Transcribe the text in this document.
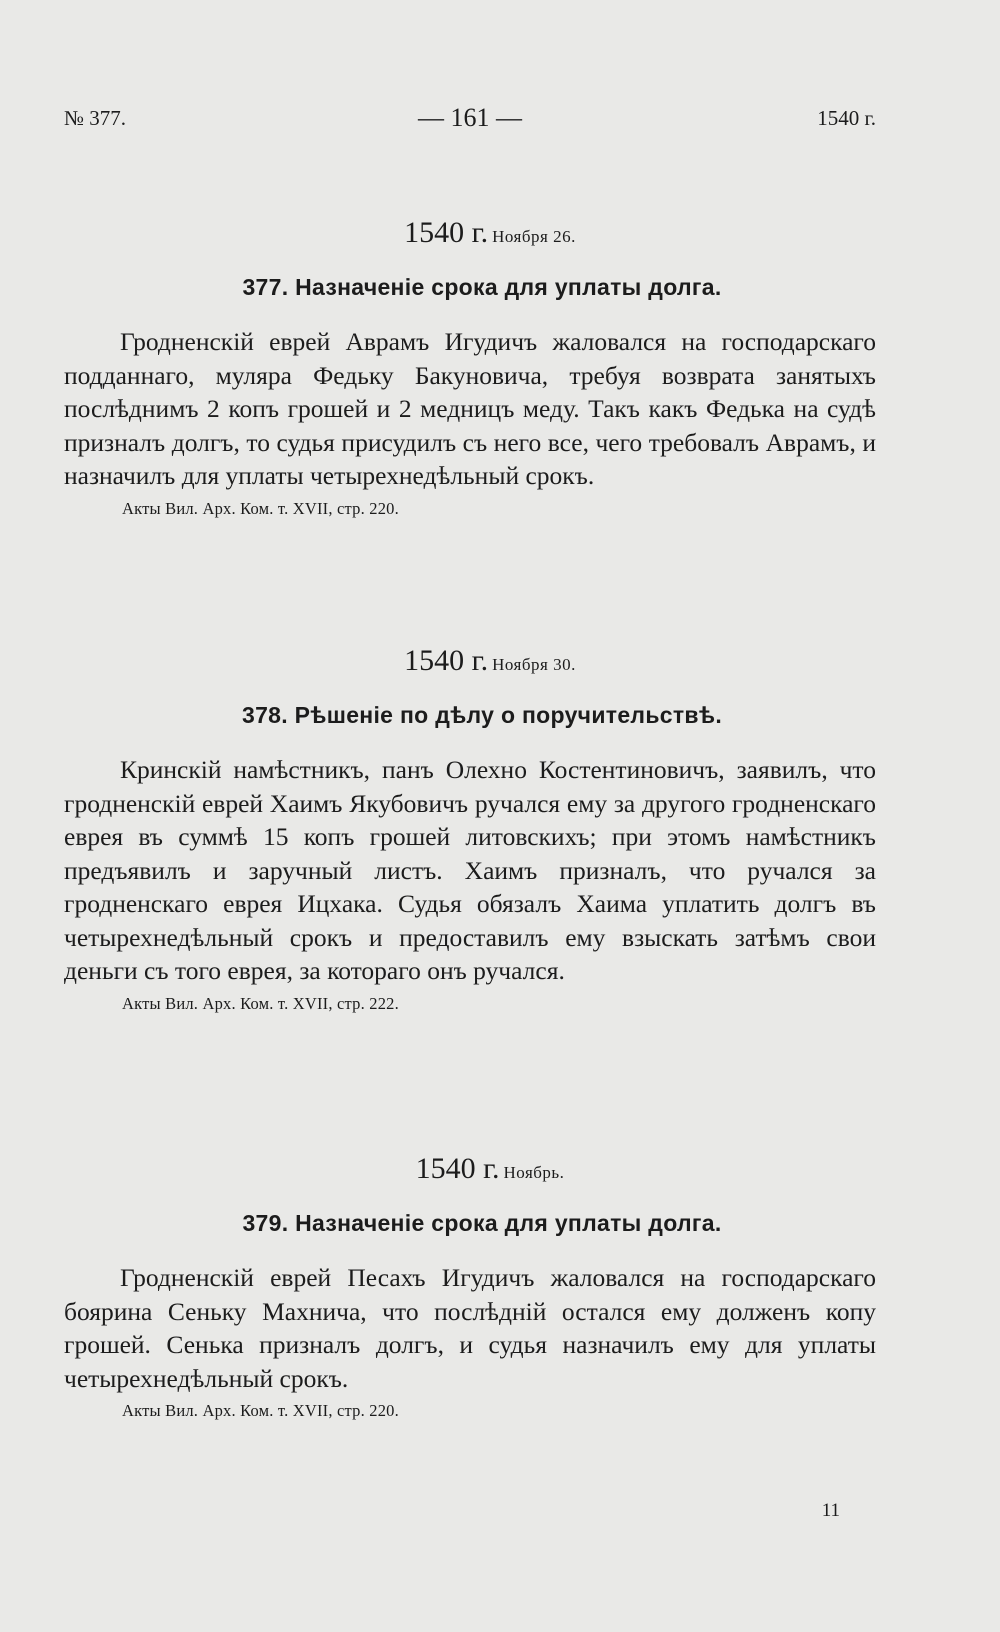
№ 377.	— 161 —	1540 г.
1540 г. Ноября 26.
377. Назначеніе срока для уплаты долга.
Гродненскій еврей Аврамъ Игудичъ жаловался на господарскаго подданнаго, муляра Федьку Бакуновича, требуя возврата занятыхъ послѣднимъ 2 копъ грошей и 2 медницъ меду. Такъ какъ Федька на судѣ призналъ долгъ, то судья присудилъ съ него все, чего требовалъ Аврамъ, и назначилъ для уплаты четырехнедѣльный срокъ.
Акты Вил. Арх. Ком. т. XVII, стр. 220.
1540 г. Ноября 30.
378. Рѣшеніе по дѣлу о поручительствѣ.
Кринскій намѣстникъ, панъ Олехно Костентиновичъ, заявилъ, что гродненскій еврей Хаимъ Якубовичъ ручался ему за другого гродненскаго еврея въ суммѣ 15 копъ грошей литовскихъ; при этомъ намѣстникъ предъявилъ и заручный листъ. Хаимъ призналъ, что ручался за гродненскаго еврея Ицхака. Судья обязалъ Хаима уплатить долгъ въ четырехнедѣльный срокъ и предоставилъ ему взыскать затѣмъ свои деньги съ того еврея, за котораго онъ ручался.
Акты Вил. Арх. Ком. т. XVII, стр. 222.
1540 г. Ноябрь.
379. Назначеніе срока для уплаты долга.
Гродненскій еврей Песахъ Игудичъ жаловался на господарскаго боярина Сеньку Махнича, что послѣдній остался ему долженъ копу грошей. Сенька призналъ долгъ, и судья назначилъ ему для уплаты четырехнедѣльный срокъ.
Акты Вил. Арх. Ком. т. XVII, стр. 220.
11
